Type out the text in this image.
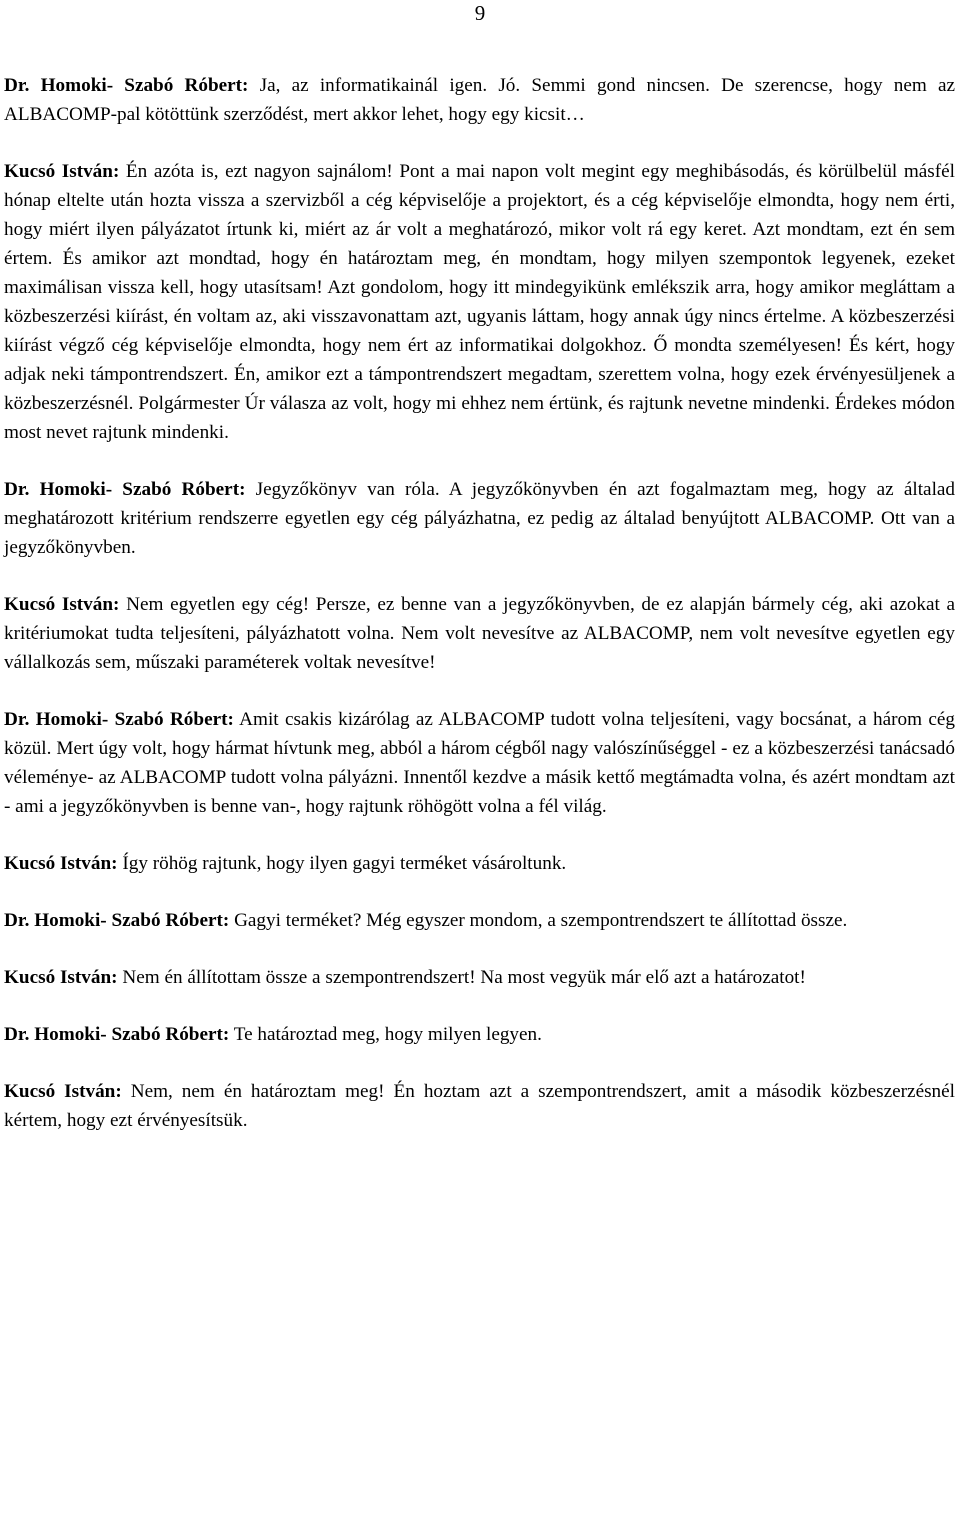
9

Dr. Homoki- Szabó Róbert: Ja, az informatikainál igen. Jó. Semmi gond nincsen. De szerencse, hogy nem az ALBACOMP-pal kötöttünk szerződést, mert akkor lehet, hogy egy kicsit…

Kucsó István: Én azóta is, ezt nagyon sajnálom! Pont a mai napon volt megint egy meghibásodás, és körülbelül másfél hónap eltelte után hozta vissza a szervizből a cég képviselője a projektort, és a cég képviselője elmondta, hogy nem érti, hogy miért ilyen pályázatot írtunk ki, miért az ár volt a meghatározó, mikor volt rá egy keret. Azt mondtam, ezt én sem értem. És amikor azt mondtad, hogy én határoztam meg, én mondtam, hogy milyen szempontok legyenek, ezeket maximálisan vissza kell, hogy utasítsam! Azt gondolom, hogy itt mindegyikünk emlékszik arra, hogy amikor megláttam a közbeszerzési kiírást, én voltam az, aki visszavonattam azt, ugyanis láttam, hogy annak úgy nincs értelme. A közbeszerzési kiírást végző cég képviselője elmondta, hogy nem ért az informatikai dolgokhoz. Ő mondta személyesen! És kért, hogy adjak neki támpontrendszert. Én, amikor ezt a támpontrendszert megadtam, szerettem volna, hogy ezek érvényesüljenek a közbeszerzésnél. Polgármester Úr válasza az volt, hogy mi ehhez nem értünk, és rajtunk nevetne mindenki. Érdekes módon most nevet rajtunk mindenki.

Dr. Homoki- Szabó Róbert: Jegyzőkönyv van róla. A jegyzőkönyvben én azt fogalmaztam meg, hogy az általad meghatározott kritérium rendszerre egyetlen egy cég pályázhatna, ez pedig az általad benyújtott ALBACOMP. Ott van a jegyzőkönyvben.

Kucsó István: Nem egyetlen egy cég! Persze, ez benne van a jegyzőkönyvben, de ez alapján bármely cég, aki azokat a kritériumokat tudta teljesíteni, pályázhatott volna. Nem volt nevesítve az ALBACOMP, nem volt nevesítve egyetlen egy vállalkozás sem, műszaki paraméterek voltak nevesítve!

Dr. Homoki- Szabó Róbert: Amit csakis kizárólag az ALBACOMP tudott volna teljesíteni, vagy bocsánat, a három cég közül. Mert úgy volt, hogy hármat hívtunk meg, abból a három cégből nagy valószínűséggel - ez a közbeszerzési tanácsadó véleménye- az ALBACOMP tudott volna pályázni. Innentől kezdve a másik kettő megtámadta volna, és azért mondtam azt - ami a jegyzőkönyvben is benne van-, hogy rajtunk röhögött volna a fél világ.

Kucsó István: Így röhög rajtunk, hogy ilyen gagyi terméket vásároltunk.

Dr. Homoki- Szabó Róbert: Gagyi terméket? Még egyszer mondom, a szempontrendszert te állítottad össze.

Kucsó István: Nem én állítottam össze a szempontrendszert! Na most vegyük már elő azt a határozatot!

Dr. Homoki- Szabó Róbert: Te határoztad meg, hogy milyen legyen.

Kucsó István: Nem, nem én határoztam meg! Én hoztam azt a szempontrendszert, amit a második közbeszerzésnél kértem, hogy ezt érvényesítsük.
